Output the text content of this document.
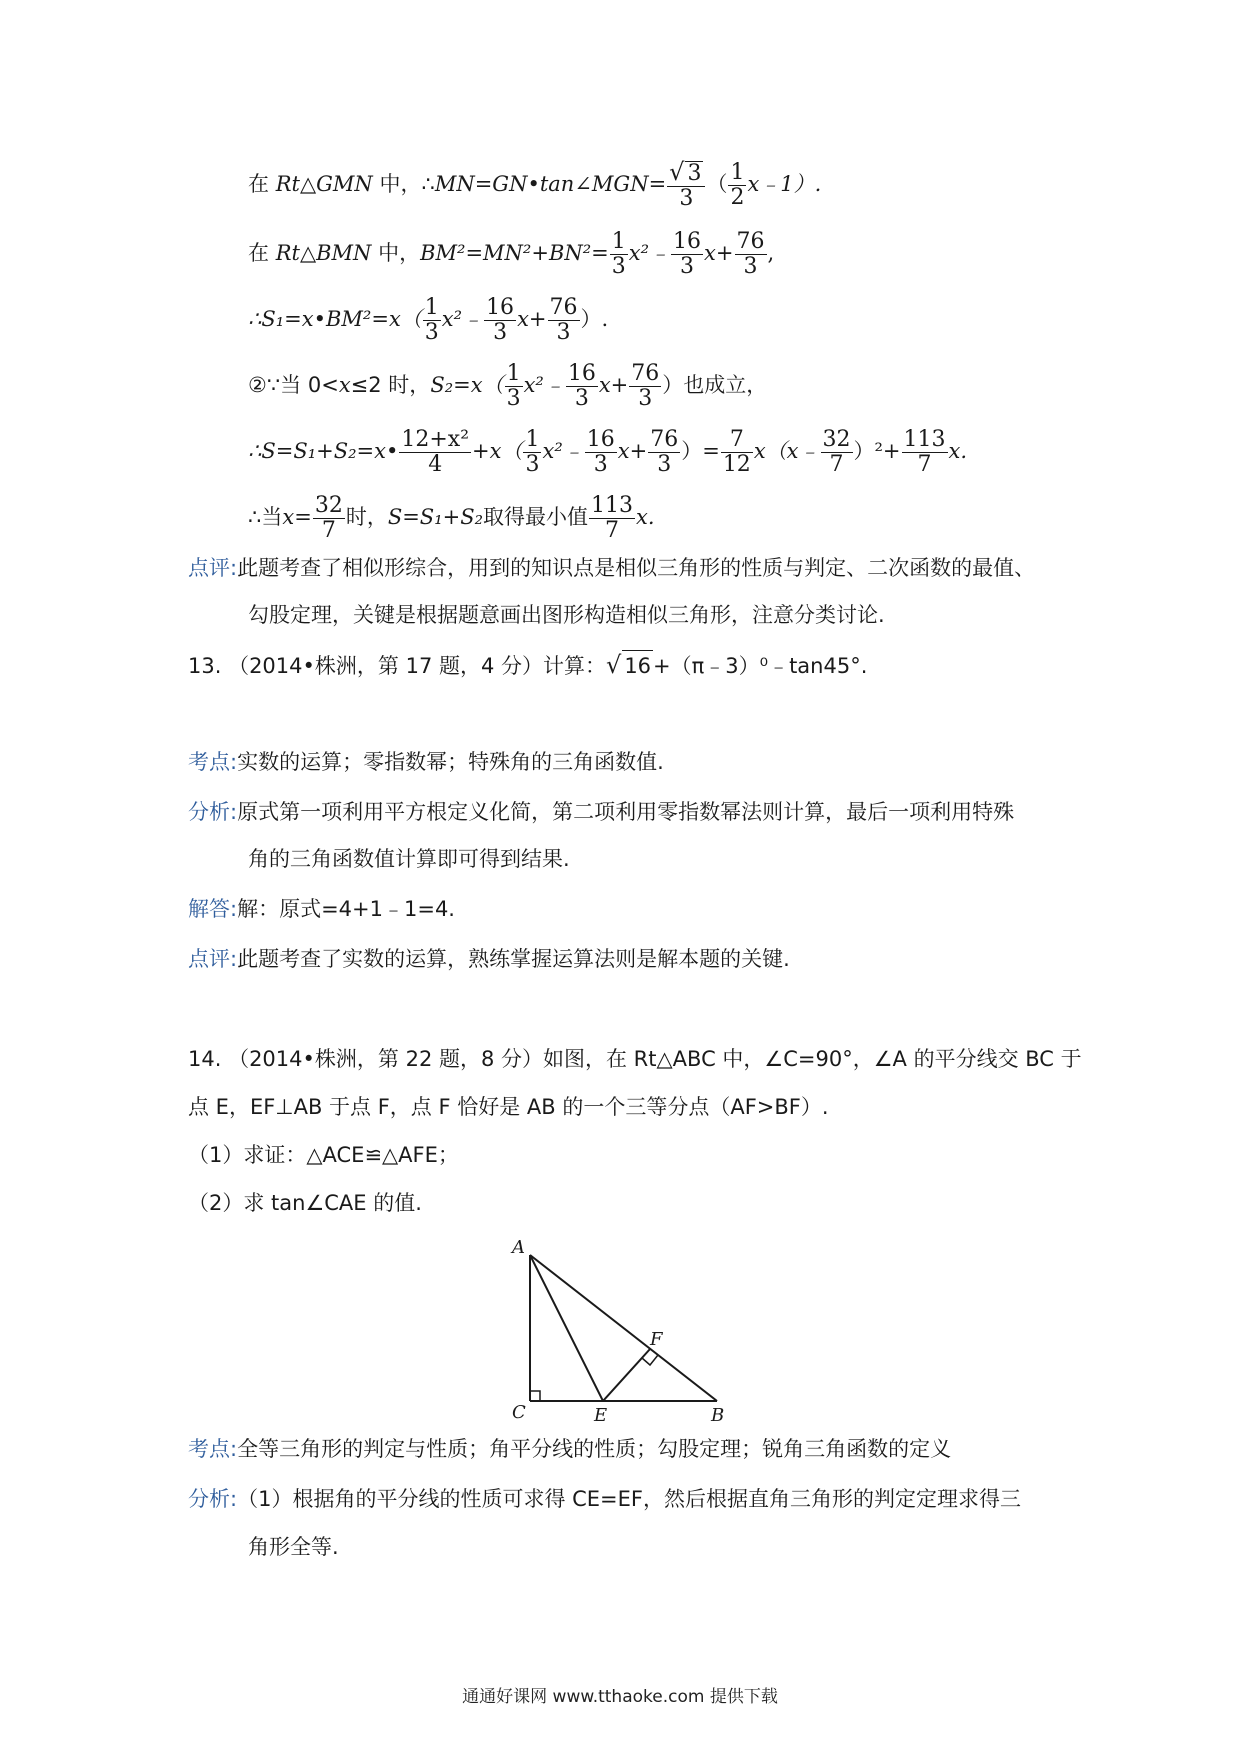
在 Rt△GMN 中，∴MN=GN•tan∠MGN= $\frac{√ 3}{3}$ （ $\frac{1}{2}$ x﹣1）.
在 Rt△BMN 中，$BM^2=MN^2+BN^2= \frac{1}{3}$ x²﹣ $\frac{16}{3} x+ \frac{76}{3}$ ,
∴S₁=x•BM²=x（ $\frac{1}{3}$ x²﹣ $\frac{16}{3} x+ \frac{76}{3}$ ）.
②∵当 0<x≤2 时，$S_2=x( \frac{1}{3}$ x²﹣ $\frac{16}{3} x+ \frac{76}{3}$ ）也成立，
∴S=S₁+S₂=x• $\frac{\text{12+x²}}{4} +x( \frac{1}{3}$ x²﹣ $\frac{16}{3} x+ \frac{76}{3}$ ）= $\frac{7}{12}$ x（x﹣ $\frac{32}{7} )^2+ \frac{113}{7} x$.
∴当$x= \frac{32}{7}$ 时，S=S₁+S₂取得最小值 $\frac{113}{7} x$.
点评:此题考查了相似形综合，用到的知识点是相似三角形的性质与判定、二次函数的最值、
勾股定理，关键是根据题意画出图形构造相似三角形，注意分类讨论.
13. （2014•株洲，第 17 题，4 分）计算：√ 16+（π﹣3）⁰﹣tan45°.
考点:实数的运算；零指数幂；特殊角的三角函数值.
分析:原式第一项利用平方根定义化简，第二项利用零指数幂法则计算，最后一项利用特殊
角的三角函数值计算即可得到结果.
解答:解：原式=4+1﹣1=4.
点评:此题考查了实数的运算，熟练掌握运算法则是解本题的关键.
14. （2014•株洲，第 22 题，8 分）如图，在 Rt△ABC 中，∠C=90°，∠A 的平分线交 BC 于
点 E，EF⊥AB 于点 F，点 F 恰好是 AB 的一个三等分点（AF>BF）.
（1）求证：△ACE≌△AFE；
（2）求 tan∠CAE 的值.
A
C	E	B
F
考点:全等三角形的判定与性质；角平分线的性质；勾股定理；锐角三角函数的定义
分析:（1）根据角的平分线的性质可求得 CE=EF，然后根据直角三角形的判定定理求得三
角形全等.
通通好课网 www.tthaoke.com 提供下载
